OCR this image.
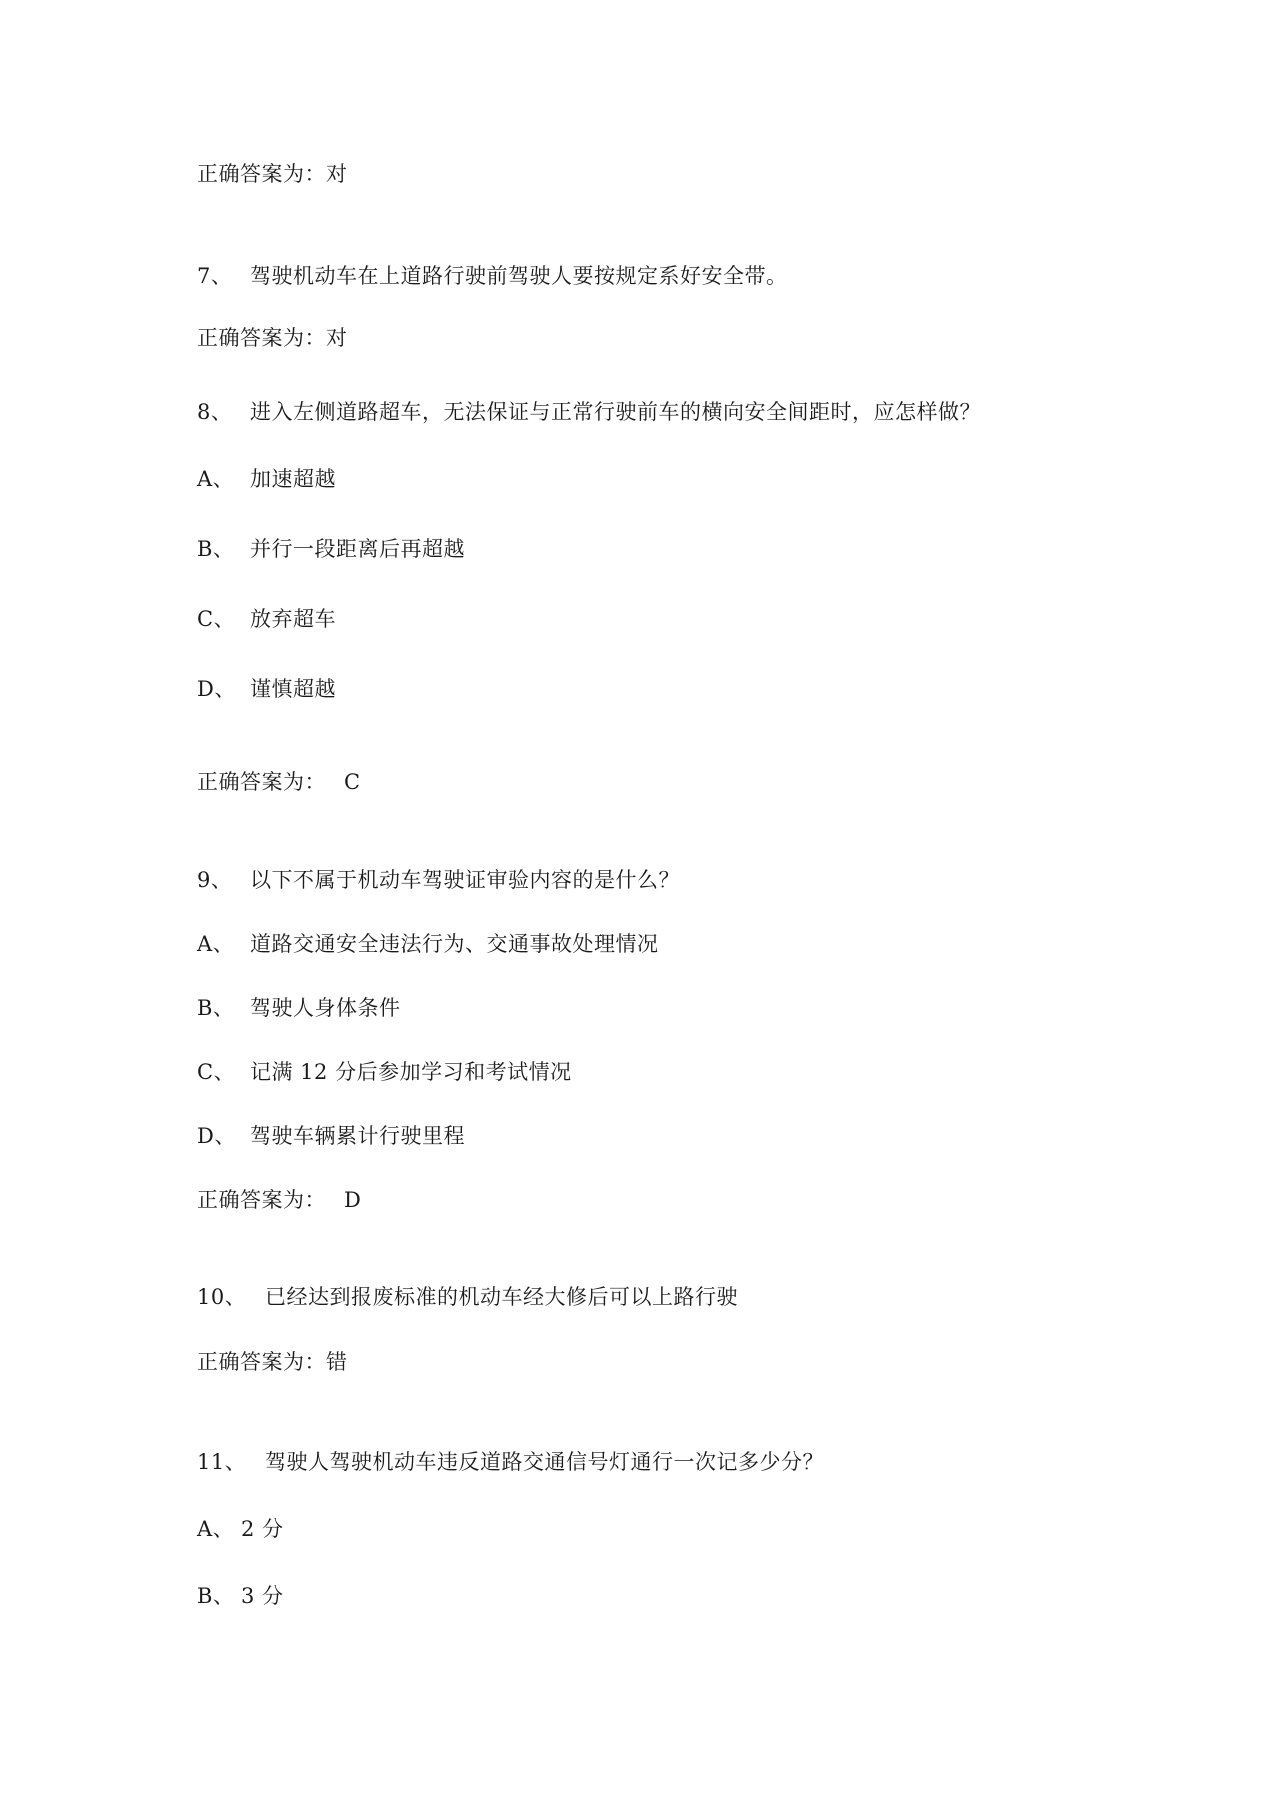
正确答案为：对
7、 驾驶机动车在上道路行驶前驾驶人要按规定系好安全带。
正确答案为：对
8、 进入左侧道路超车，无法保证与正常行驶前车的横向安全间距时，应怎样做？
A、 加速超越
B、 并行一段距离后再超越
C、 放弃超车
D、 谨慎超越
正确答案为： C
9、 以下不属于机动车驾驶证审验内容的是什么？
A、 道路交通安全违法行为、交通事故处理情况
B、 驾驶人身体条件
C、 记满 12 分后参加学习和考试情况
D、 驾驶车辆累计行驶里程
正确答案为： D
10、 已经达到报废标准的机动车经大修后可以上路行驶
正确答案为：错
11、 驾驶人驾驶机动车违反道路交通信号灯通行一次记多少分？
A、 2 分
B、 3 分
